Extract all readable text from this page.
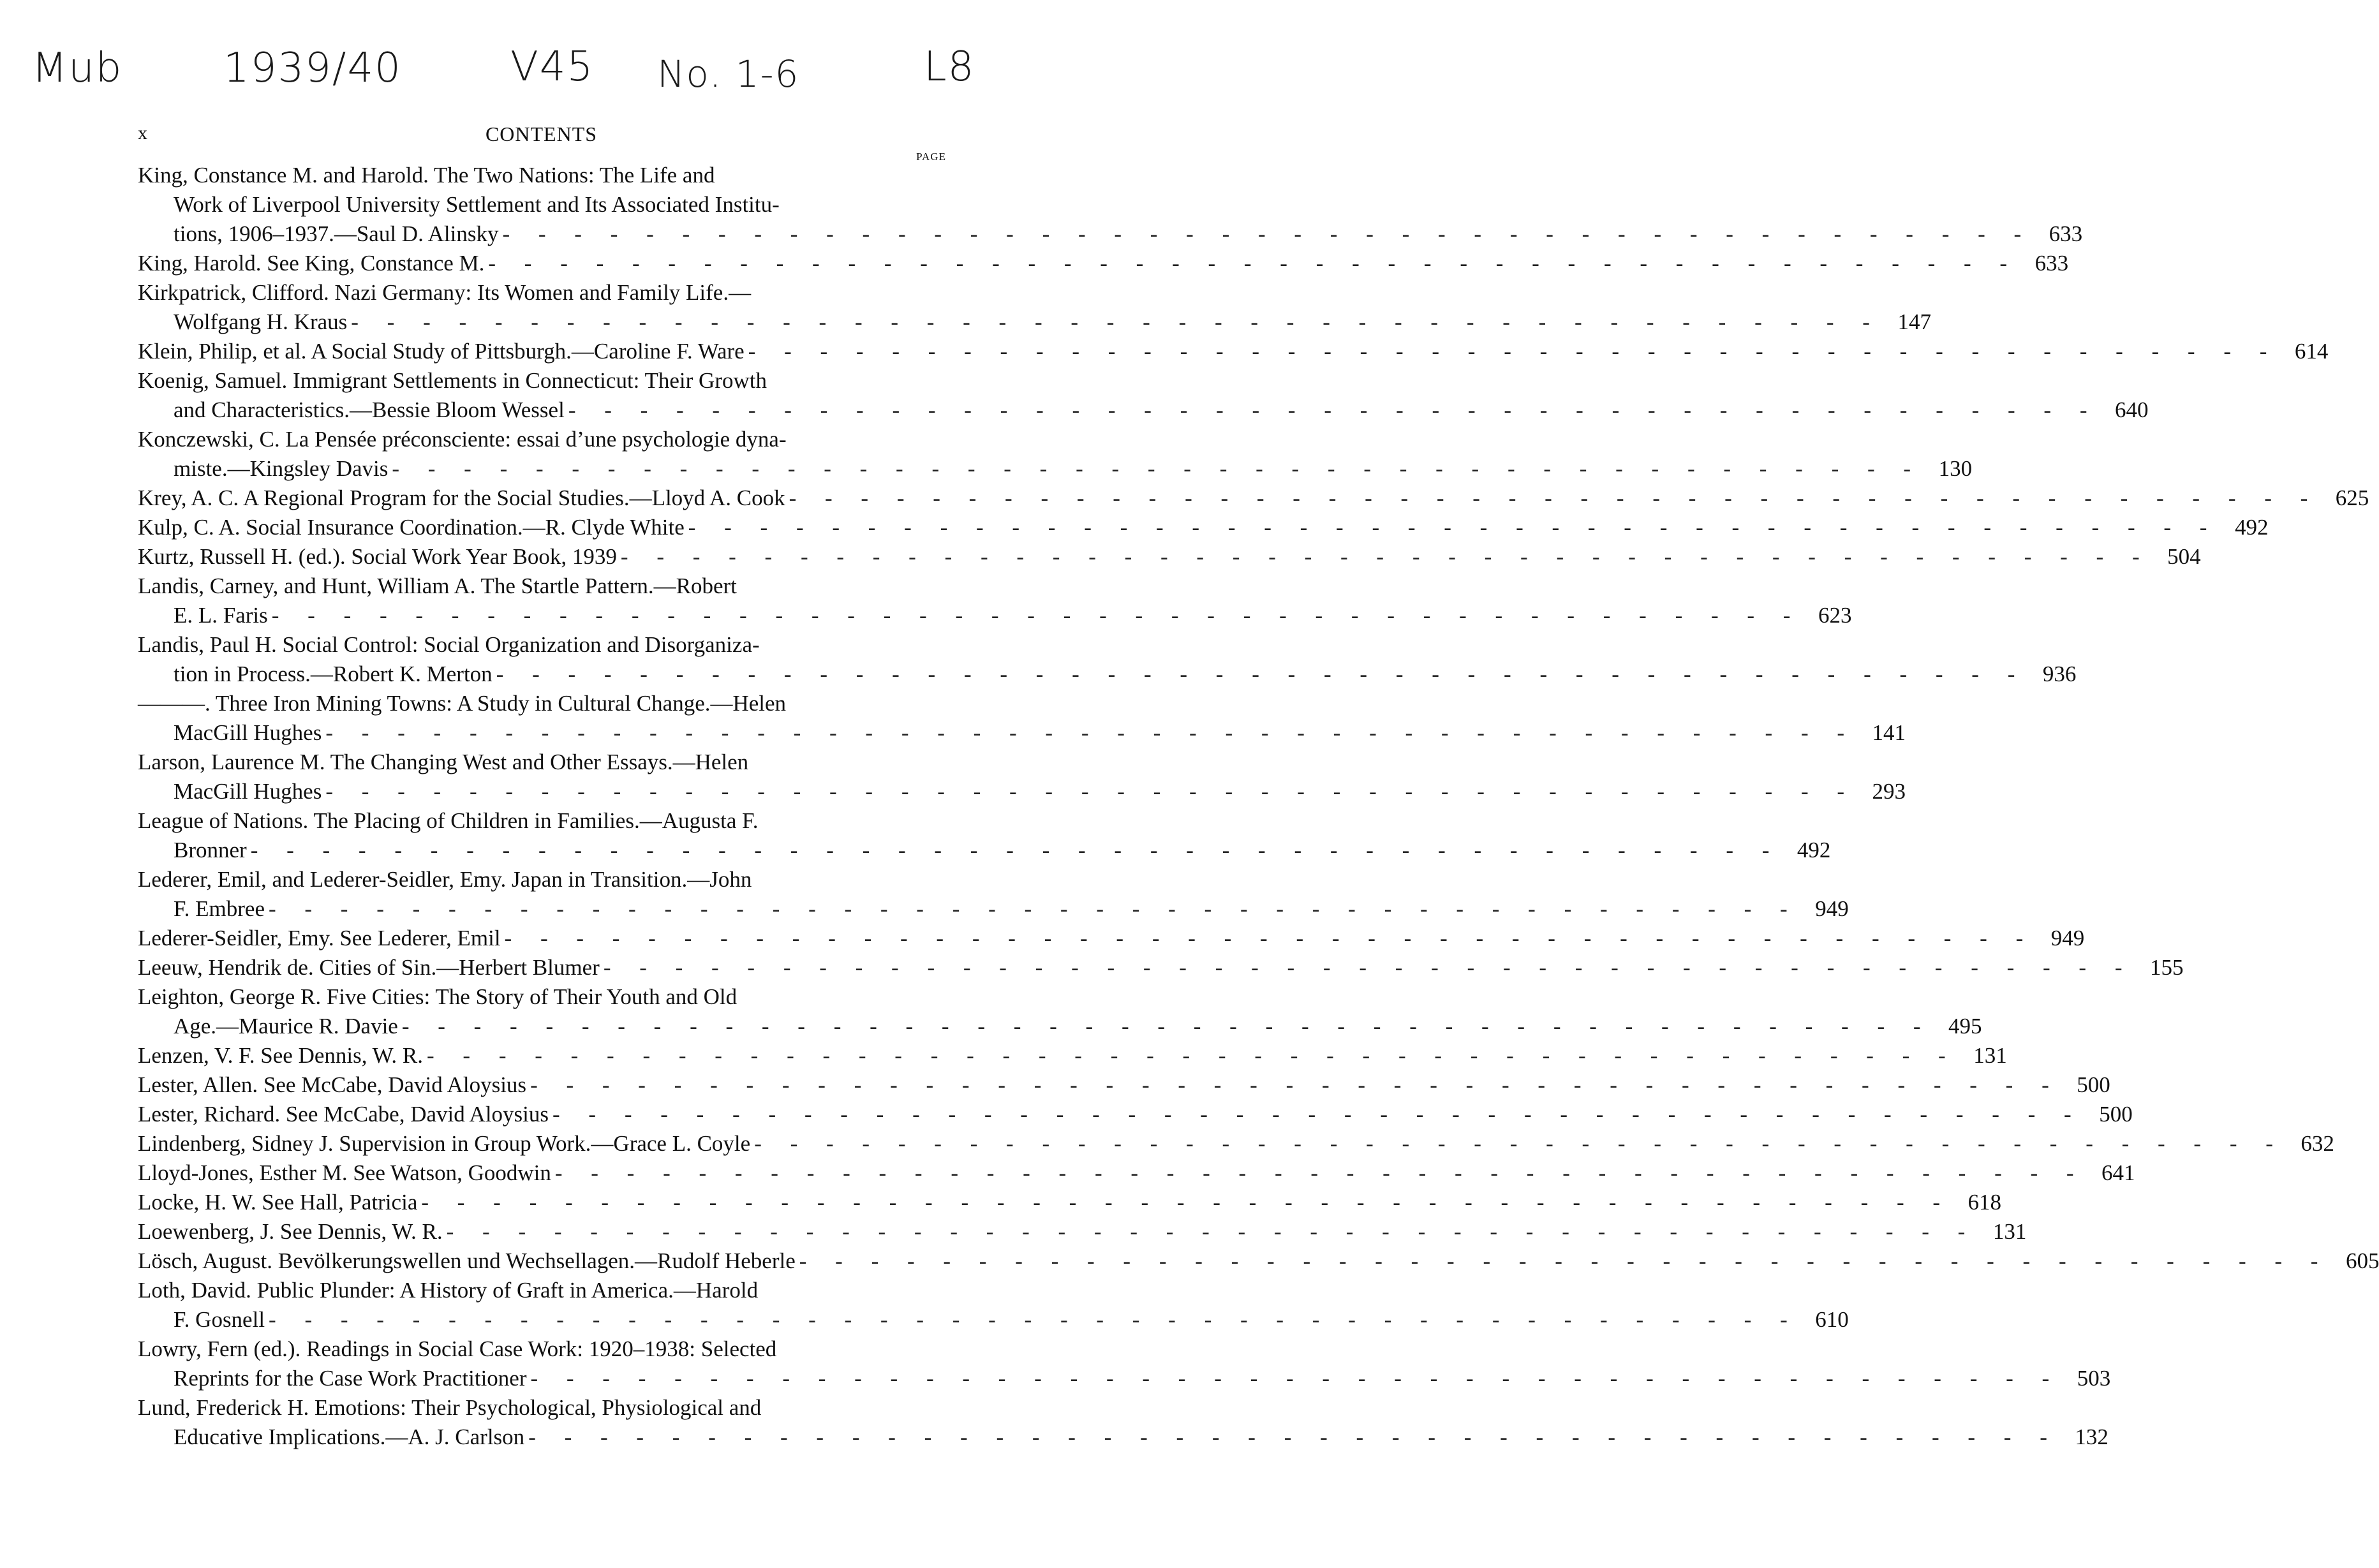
Mub 1939/40	V45 No. 1-6	L8
x	CONTENTS
PAGE
King, Constance M. and Harold. The Two Nations: The Life and
Work of Liverpool University Settlement and Its Associated Institu-
tions, 1906–1937.—Saul D. Alinsky - - - - - - - - - - - - - - - - - - - - - - - - - - - - - - - - - - - - - - - - - - - 633
King, Harold. See King, Constance M. - - - - - - - - - - - - - - - - - - - - - - - - - - - - - - - - - - - - - - - - - - - 633
Kirkpatrick, Clifford. Nazi Germany: Its Women and Family Life.—
Wolfgang H. Kraus - - - - - - - - - - - - - - - - - - - - - - - - - - - - - - - - - - - - - - - - - - - 147
Klein, Philip, et al. A Social Study of Pittsburgh.—Caroline F. Ware - - - - - - - - - - - - - - - - - - - - - - - - - - - - - - - - - - - - - - - - - - - 614
Koenig, Samuel. Immigrant Settlements in Connecticut: Their Growth
and Characteristics.—Bessie Bloom Wessel - - - - - - - - - - - - - - - - - - - - - - - - - - - - - - - - - - - - - - - - - - - 640
Konczewski, C. La Pensée préconsciente: essai d’une psychologie dyna-
miste.—Kingsley Davis - - - - - - - - - - - - - - - - - - - - - - - - - - - - - - - - - - - - - - - - - - - 130
Krey, A. C. A Regional Program for the Social Studies.—Lloyd A. Cook - - - - - - - - - - - - - - - - - - - - - - - - - - - - - - - - - - - - - - - - - - - 625
Kulp, C. A. Social Insurance Coordination.—R. Clyde White - - - - - - - - - - - - - - - - - - - - - - - - - - - - - - - - - - - - - - - - - - - 492
Kurtz, Russell H. (ed.). Social Work Year Book, 1939 - - - - - - - - - - - - - - - - - - - - - - - - - - - - - - - - - - - - - - - - - - - 504
Landis, Carney, and Hunt, William A. The Startle Pattern.—Robert
E. L. Faris - - - - - - - - - - - - - - - - - - - - - - - - - - - - - - - - - - - - - - - - - - - 623
Landis, Paul H. Social Control: Social Organization and Disorganiza-
tion in Process.—Robert K. Merton - - - - - - - - - - - - - - - - - - - - - - - - - - - - - - - - - - - - - - - - - - - 936
———. Three Iron Mining Towns: A Study in Cultural Change.—Helen
MacGill Hughes - - - - - - - - - - - - - - - - - - - - - - - - - - - - - - - - - - - - - - - - - - - 141
Larson, Laurence M. The Changing West and Other Essays.—Helen
MacGill Hughes - - - - - - - - - - - - - - - - - - - - - - - - - - - - - - - - - - - - - - - - - - - 293
League of Nations. The Placing of Children in Families.—Augusta F.
Bronner - - - - - - - - - - - - - - - - - - - - - - - - - - - - - - - - - - - - - - - - - - - 492
Lederer, Emil, and Lederer-Seidler, Emy. Japan in Transition.—John
F. Embree - - - - - - - - - - - - - - - - - - - - - - - - - - - - - - - - - - - - - - - - - - - 949
Lederer-Seidler, Emy. See Lederer, Emil - - - - - - - - - - - - - - - - - - - - - - - - - - - - - - - - - - - - - - - - - - - 949
Leeuw, Hendrik de. Cities of Sin.—Herbert Blumer - - - - - - - - - - - - - - - - - - - - - - - - - - - - - - - - - - - - - - - - - - - 155
Leighton, George R. Five Cities: The Story of Their Youth and Old
Age.—Maurice R. Davie - - - - - - - - - - - - - - - - - - - - - - - - - - - - - - - - - - - - - - - - - - - 495
Lenzen, V. F. See Dennis, W. R. - - - - - - - - - - - - - - - - - - - - - - - - - - - - - - - - - - - - - - - - - - - 131
Lester, Allen. See McCabe, David Aloysius - - - - - - - - - - - - - - - - - - - - - - - - - - - - - - - - - - - - - - - - - - - 500
Lester, Richard. See McCabe, David Aloysius - - - - - - - - - - - - - - - - - - - - - - - - - - - - - - - - - - - - - - - - - - - 500
Lindenberg, Sidney J. Supervision in Group Work.—Grace L. Coyle - - - - - - - - - - - - - - - - - - - - - - - - - - - - - - - - - - - - - - - - - - - 632
Lloyd-Jones, Esther M. See Watson, Goodwin - - - - - - - - - - - - - - - - - - - - - - - - - - - - - - - - - - - - - - - - - - - 641
Locke, H. W. See Hall, Patricia - - - - - - - - - - - - - - - - - - - - - - - - - - - - - - - - - - - - - - - - - - - 618
Loewenberg, J. See Dennis, W. R. - - - - - - - - - - - - - - - - - - - - - - - - - - - - - - - - - - - - - - - - - - - 131
Lösch, August. Bevölkerungswellen und Wechsellagen.—Rudolf Heberle - - - - - - - - - - - - - - - - - - - - - - - - - - - - - - - - - - - - - - - - - - - 605
Loth, David. Public Plunder: A History of Graft in America.—Harold
F. Gosnell - - - - - - - - - - - - - - - - - - - - - - - - - - - - - - - - - - - - - - - - - - - 610
Lowry, Fern (ed.). Readings in Social Case Work: 1920–1938: Selected
Reprints for the Case Work Practitioner - - - - - - - - - - - - - - - - - - - - - - - - - - - - - - - - - - - - - - - - - - - 503
Lund, Frederick H. Emotions: Their Psychological, Physiological and
Educative Implications.—A. J. Carlson - - - - - - - - - - - - - - - - - - - - - - - - - - - - - - - - - - - - - - - - - - - 132
